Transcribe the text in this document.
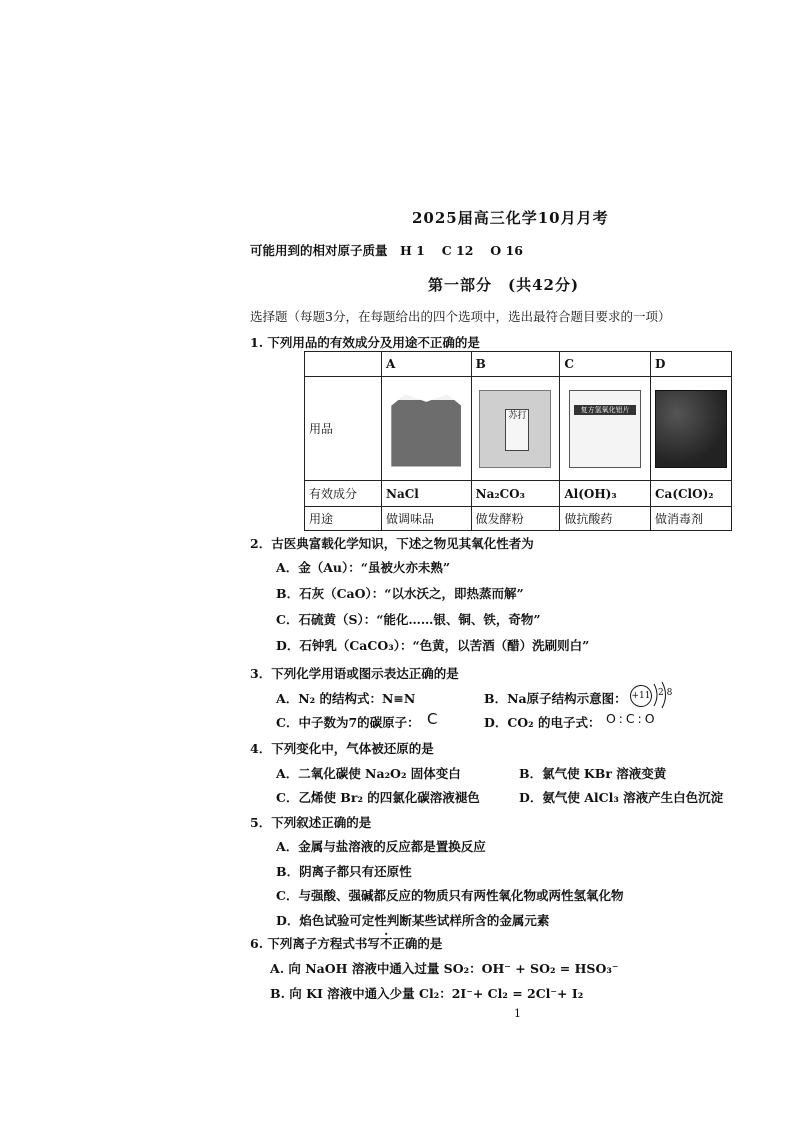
2025届高三化学10月月考
可能用到的相对原子质量　H 1　 C 12　 O 16
第一部分　(共42分)
选择题（每题3分，在每题给出的四个选项中，选出最符合题目要求的一项）
1. 下列用品的有效成分及用途不正确的是
	A	B	C	D
用品		苏打	复方氢氧化铝片	

有效成分	NaCl	Na₂CO₃	Al(OH)₃	Ca(ClO)₂
用途	做调味品	做发酵粉	做抗酸药	做消毒剂
2．古医典富载化学知识，下述之物见其氧化性者为
A．金（Au）：“虽被火亦未熟”
B．石灰（CaO）：“以水沃之，即热蒸而解”
C．石硫黄（S）：“能化……银、铜、铁，奇物”
D．石钟乳（CaCO₃）：“色黄，以苦酒（醋）洗刷则白”
3．下列化学用语或图示表达正确的是
A．N₂ 的结构式：N≡N	B．Na原子结构示意图： +11 2 8
C．中子数为7的碳原子： C	D．CO₂ 的电子式： O:C:O
4．下列变化中，气体被还原的是
A．二氧化碳使 Na₂O₂ 固体变白	B．氯气使 KBr 溶液变黄
C．乙烯使 Br₂ 的四氯化碳溶液褪色	D．氨气使 AlCl₃ 溶液产生白色沉淀
5．下列叙述正确的是
A．金属与盐溶液的反应都是置换反应
B．阴离子都只有还原性
C．与强酸、强碱都反应的物质只有两性氧化物或两性氢氧化物
D．焰色试验可定性判断某些试样所含的金属元素
6. 下列离子方程式书写不正确的是
A. 向 NaOH 溶液中通入过量 SO₂：OH⁻ + SO₂ = HSO₃⁻
B. 向 KI 溶液中通入少量 Cl₂：2I⁻+ Cl₂ = 2Cl⁻+ I₂
1
